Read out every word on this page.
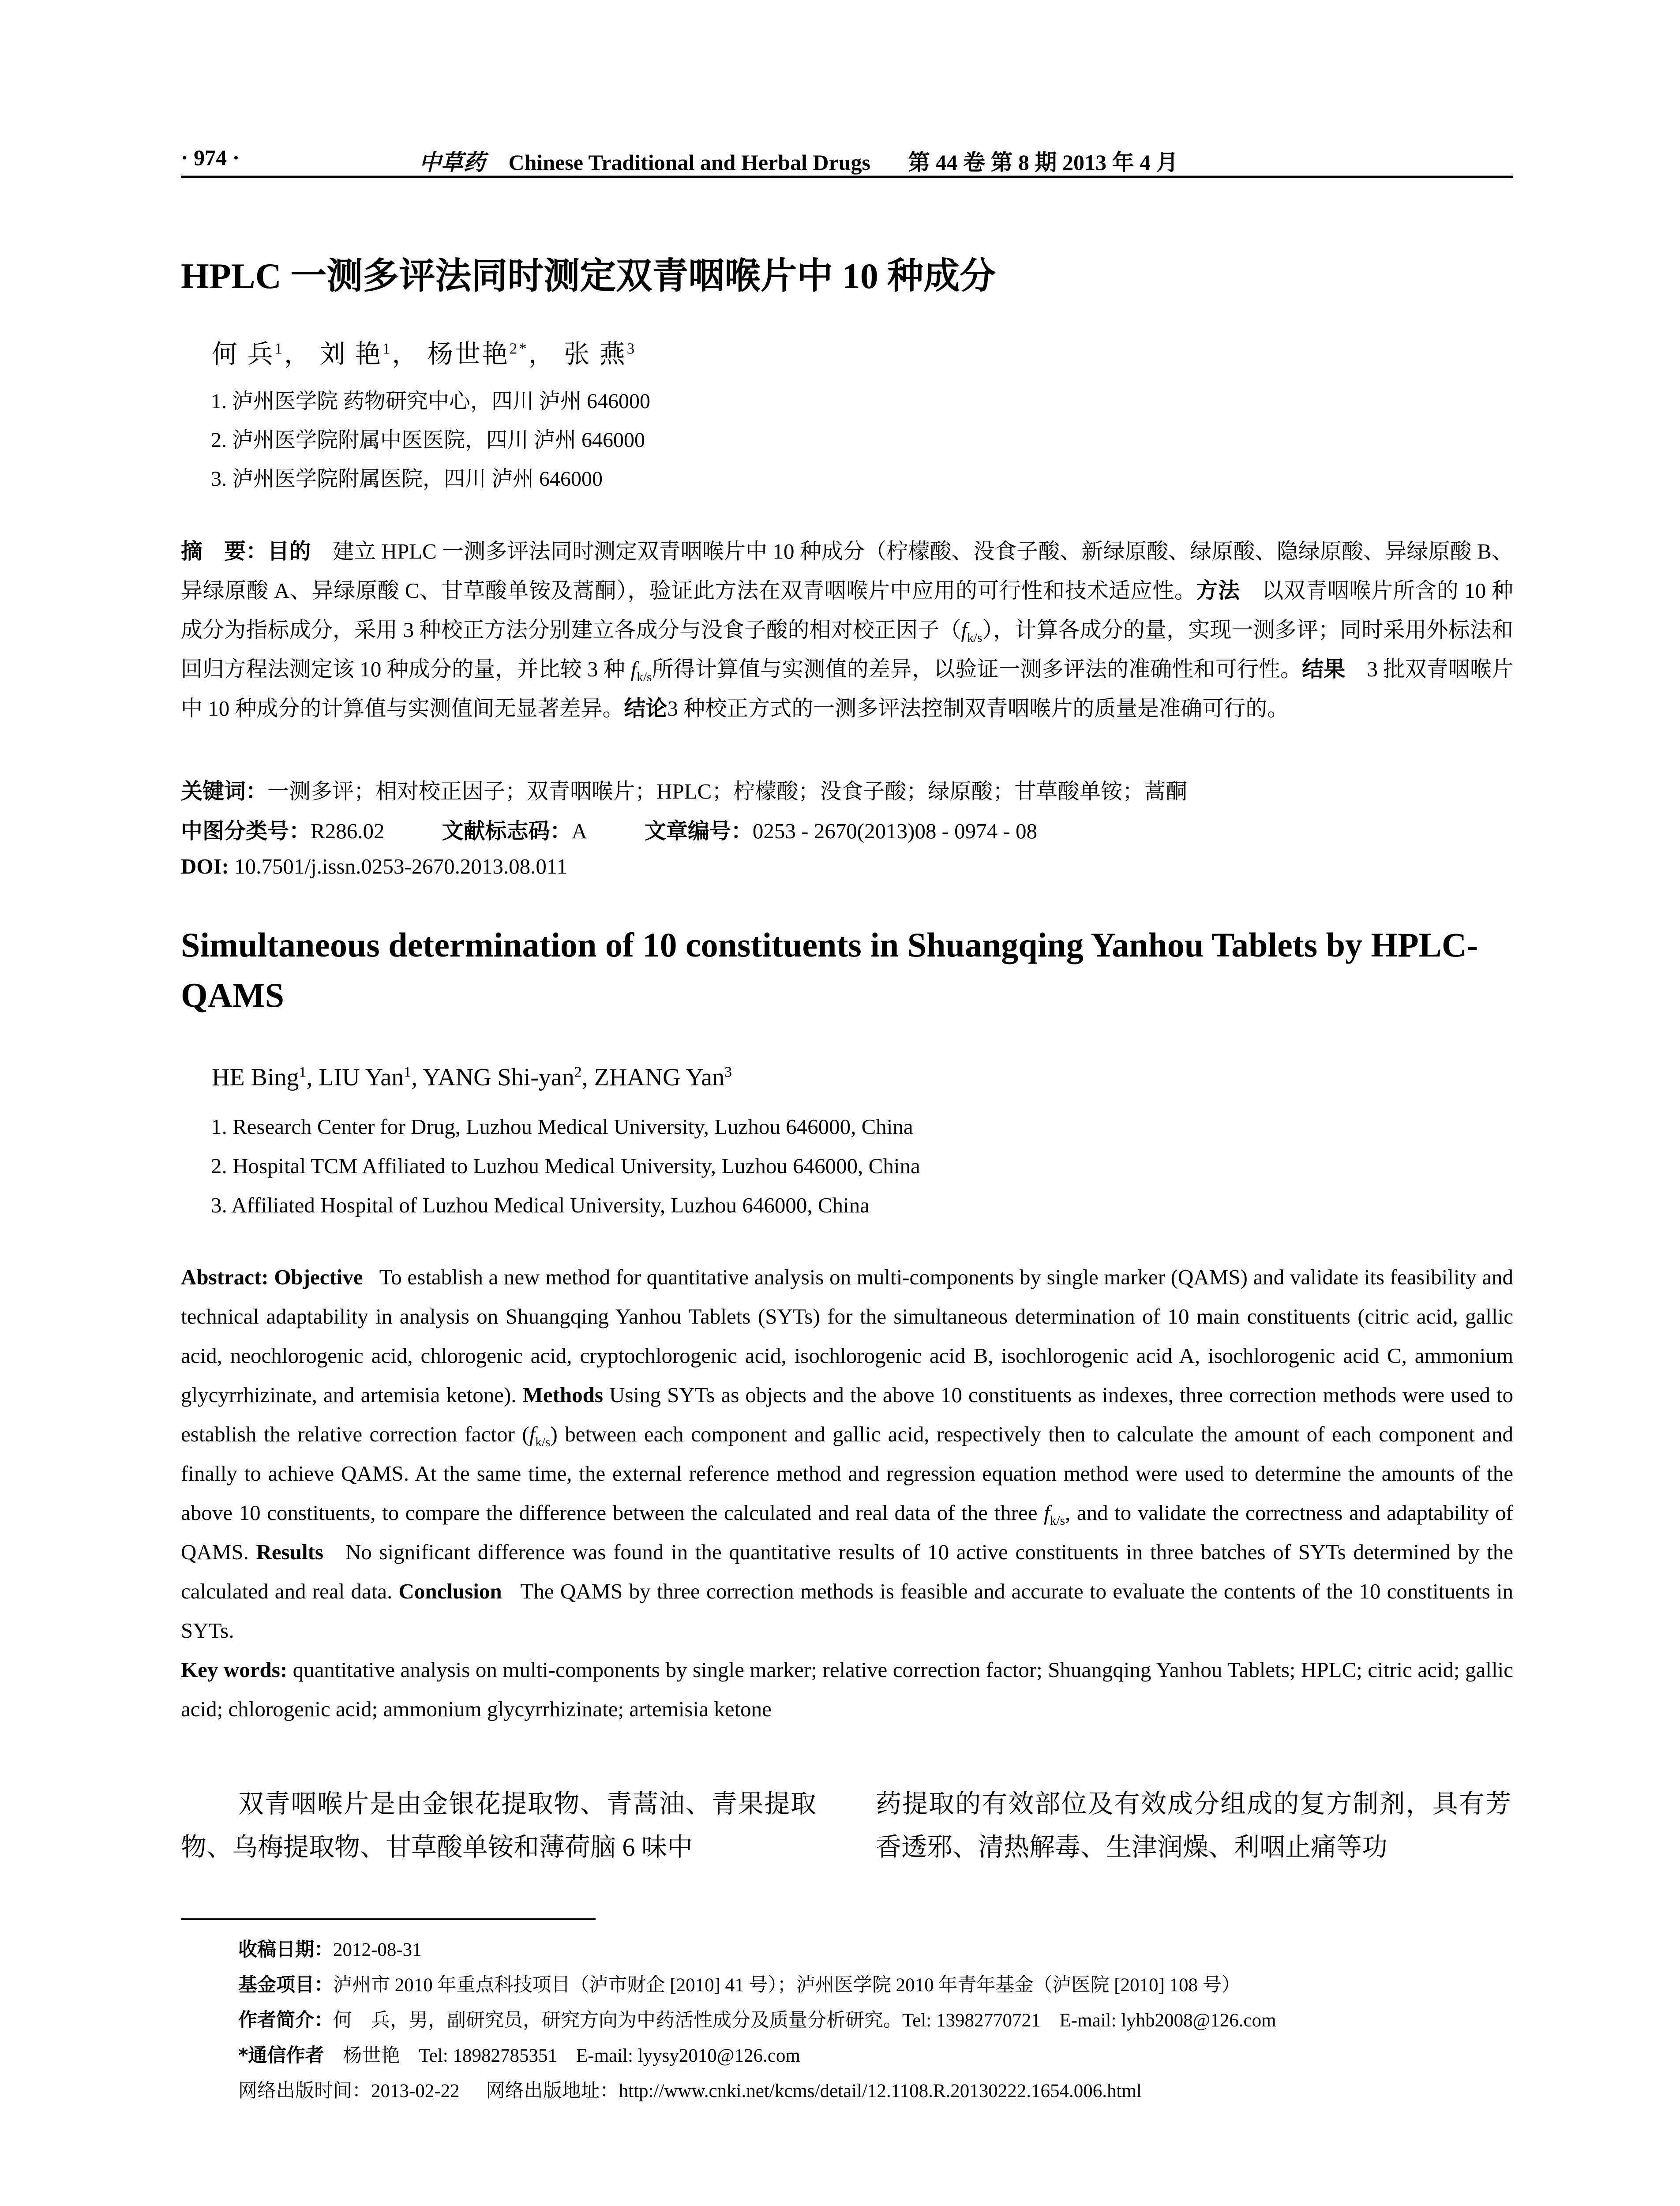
· 974 ·	中草药 Chinese Traditional and Herbal Drugs 第 44 卷 第 8 期 2013 年 4 月
HPLC 一测多评法同时测定双青咽喉片中 10 种成分
何 兵$^1$， 刘 艳$^1$， 杨世艳$^{2*}$， 张 燕$^3$
1. 泸州医学院 药物研究中心，四川 泸州 646000
2. 泸州医学院附属中医医院，四川 泸州 646000
3. 泸州医学院附属医院，四川 泸州 646000

摘　要：目的　 建立 HPLC 一测多评法同时测定双青咽喉片中 10 种成分（柠檬酸、没食子酸、新绿原酸、绿原酸、隐绿原酸、异绿原酸 B、异绿原酸 A、异绿原酸 C、甘草酸单铵及蒿酮），验证此方法在双青咽喉片中应用的可行性和技术适应性。方法　 以双青咽喉片所含的 10 种成分为指标成分，采用 3 种校正方法分别建立各成分与没食子酸的相对校正因子$(f_{k/s})$，计算各成分的量，实现一测多评；同时采用外标法和回归方程法测定该 10 种成分的量，并比较 3 种 $f_{k/s}$所得计算值与实测值的差异，以验证一测多评法的准确性和可行性。结果　 3 批双青咽喉片中 10 种成分的计算值与实测值间无显著差异。结论3 种校正方式的一测多评法控制双青咽喉片的质量是准确可行的。

关键词：一测多评；相对校正因子；双青咽喉片；HPLC；柠檬酸；没食子酸；绿原酸；甘草酸单铵；蒿酮
中图分类号：R286.02	文献标志码：A	文章编号：0253 - 2670(2013)08 - 0974 - 08
DOI: 10.7501/j.issn.0253-2670.2013.08.011
Simultaneous determination of 10 constituents in Shuangqing Yanhou Tablets by HPLC-QAMS
HE Bing$^1$, LIU Yan$^1$, YANG Shi-yan$^2$, ZHANG Yan$^3$
1. Research Center for Drug, Luzhou Medical University, Luzhou 646000, China
2. Hospital TCM Affiliated to Luzhou Medical University, Luzhou 646000, China
3. Affiliated Hospital of Luzhou Medical University, Luzhou 646000, China

Abstract: Objective To establish a new method for quantitative analysis on multi-components by single marker (QAMS) and validate its feasibility and technical adaptability in analysis on Shuangqing Yanhou Tablets (SYTs) for the simultaneous determination of 10 main constituents (citric acid, gallic acid, neochlorogenic acid, chlorogenic acid, cryptochlorogenic acid, isochlorogenic acid B, isochlorogenic acid A, isochlorogenic acid C, ammonium glycyrrhizinate, and artemisia ketone). Methods Using SYTs as objects and the above 10 constituents as indexes, three correction methods were used to establish the relative correction factor $(f_{k/s})$ between each component and gallic acid, respectively then to calculate the amount of each component and finally to achieve QAMS. At the same time, the external reference method and regression equation method were used to determine the amounts of the above 10 constituents, to compare the difference between the calculated and real data of the three $f_{k/s}$, and to validate the correctness and adaptability of QAMS. Results No significant difference was found in the quantitative results of 10 active constituents in three batches of SYTs determined by the calculated and real data. Conclusion The QAMS by three correction methods is feasible and accurate to evaluate the contents of the 10 constituents in SYTs.

Key words: quantitative analysis on multi-components by single marker; relative correction factor; Shuangqing Yanhou Tablets; HPLC; citric acid; gallic acid; chlorogenic acid; ammonium glycyrrhizinate; artemisia ketone

双青咽喉片是由金银花提取物、青蒿油、青果提取物、乌梅提取物、甘草酸单铵和薄荷脑 6 味中
药提取的有效部位及有效成分组成的复方制剂，具有芳香透邪、清热解毒、生津润燥、利咽止痛等功
收稿日期：2012-08-31
基金项目：泸州市 2010 年重点科技项目（泸市财企 [2010] 41 号）；泸州医学院 2010 年青年基金（泸医院 [2010] 108 号）
作者简介：何　兵，男，副研究员，研究方向为中药活性成分及质量分析研究。Tel: 13982770721　E-mail: lyhb2008@126.com
*通信作者　 杨世艳　Tel: 18982785351　E-mail: lyysy2010@126.com
网络出版时间：2013-02-22 网络出版地址：http://www.cnki.net/kcms/detail/12.1108.R.20130222.1654.006.html
